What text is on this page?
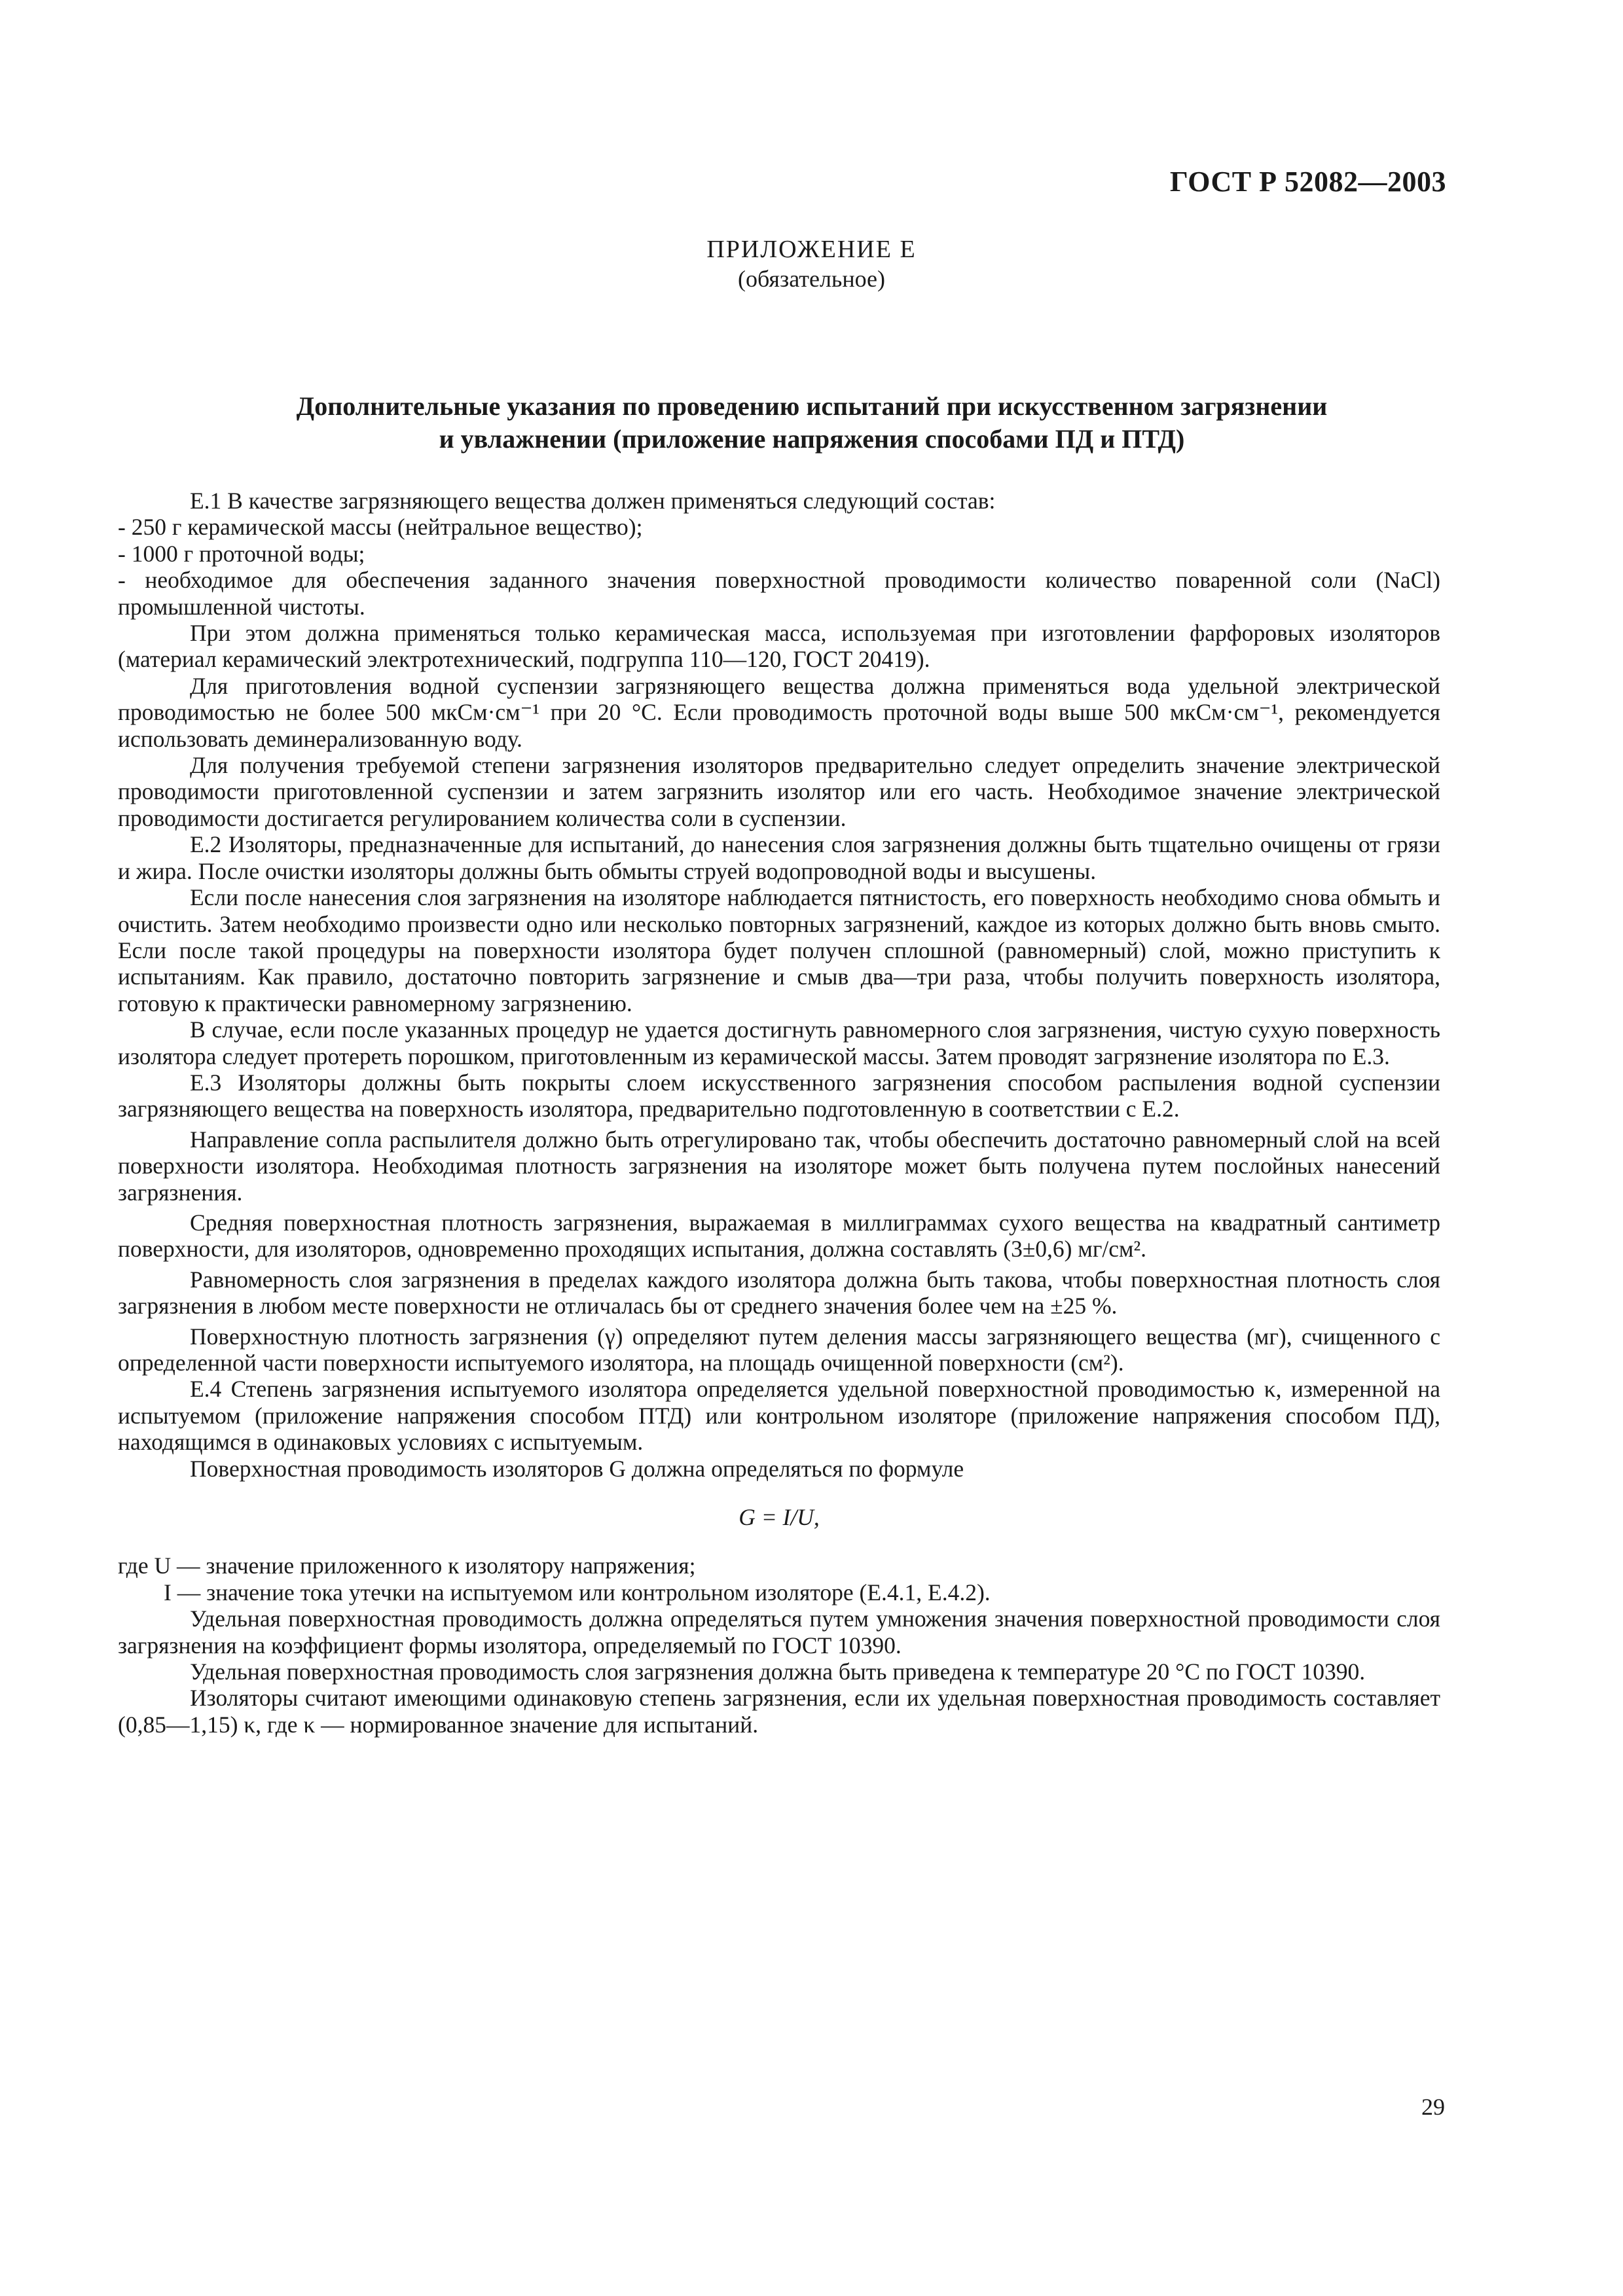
ГОСТ Р 52082—2003
ПРИЛОЖЕНИЕ Е
(обязательное)
Дополнительные указания по проведению испытаний при искусственном загрязнении
и увлажнении (приложение напряжения способами ПД и ПТД)

Е.1 В качестве загрязняющего вещества должен применяться следующий состав:

- 250 г керамической массы (нейтральное вещество);

- 1000 г проточной воды;

- необходимое для обеспечения заданного значения поверхностной проводимости количество поваренной соли (NaCl) промышленной чистоты.

При этом должна применяться только керамическая масса, используемая при изготовлении фарфоровых изоляторов (материал керамический электротехнический, подгруппа 110—120, ГОСТ 20419).

Для приготовления водной суспензии загрязняющего вещества должна применяться вода удельной электрической проводимостью не более 500 мкСм·см⁻¹ при 20 °С. Если проводимость проточной воды выше 500 мкСм·см⁻¹, рекомендуется использовать деминерализованную воду.

Для получения требуемой степени загрязнения изоляторов предварительно следует определить значение электрической проводимости приготовленной суспензии и затем загрязнить изолятор или его часть. Необходимое значение электрической проводимости достигается регулированием количества соли в суспензии.

Е.2 Изоляторы, предназначенные для испытаний, до нанесения слоя загрязнения должны быть тщательно очищены от грязи и жира. После очистки изоляторы должны быть обмыты струей водопроводной воды и высушены.

Если после нанесения слоя загрязнения на изоляторе наблюдается пятнистость, его поверхность необходимо снова обмыть и очистить. Затем необходимо произвести одно или несколько повторных загрязнений, каждое из которых должно быть вновь смыто. Если после такой процедуры на поверхности изолятора будет получен сплошной (равномерный) слой, можно приступить к испытаниям. Как правило, достаточно повторить загрязнение и смыв два—три раза, чтобы получить поверхность изолятора, готовую к практически равномерному загрязнению.

В случае, если после указанных процедур не удается достигнуть равномерного слоя загрязнения, чистую сухую поверхность изолятора следует протереть порошком, приготовленным из керамической массы. Затем проводят загрязнение изолятора по Е.3.

Е.3 Изоляторы должны быть покрыты слоем искусственного загрязнения способом распыления водной суспензии загрязняющего вещества на поверхность изолятора, предварительно подготовленную в соответствии с Е.2.

Направление сопла распылителя должно быть отрегулировано так, чтобы обеспечить достаточно равномерный слой на всей поверхности изолятора. Необходимая плотность загрязнения на изоляторе может быть получена путем послойных нанесений загрязнения.

Средняя поверхностная плотность загрязнения, выражаемая в миллиграммах сухого вещества на квадратный сантиметр поверхности, для изоляторов, одновременно проходящих испытания, должна составлять (3±0,6) мг/см².

Равномерность слоя загрязнения в пределах каждого изолятора должна быть такова, чтобы поверхностная плотность слоя загрязнения в любом месте поверхности не отличалась бы от среднего значения более чем на ±25 %.

Поверхностную плотность загрязнения (γ) определяют путем деления массы загрязняющего вещества (мг), счищенного с определенной части поверхности испытуемого изолятора, на площадь очищенной поверхности (см²).

Е.4 Степень загрязнения испытуемого изолятора определяется удельной поверхностной проводимостью κ, измеренной на испытуемом (приложение напряжения способом ПТД) или контрольном изоляторе (приложение напряжения способом ПД), находящимся в одинаковых условиях с испытуемым.

Поверхностная проводимость изоляторов G должна определяться по формуле

G = I/U,

где U — значение приложенного к изолятору напряжения;

I — значение тока утечки на испытуемом или контрольном изоляторе (Е.4.1, Е.4.2).

Удельная поверхностная проводимость должна определяться путем умножения значения поверхностной проводимости слоя загрязнения на коэффициент формы изолятора, определяемый по ГОСТ 10390.

Удельная поверхностная проводимость слоя загрязнения должна быть приведена к температуре 20 °С по ГОСТ 10390.

Изоляторы считают имеющими одинаковую степень загрязнения, если их удельная поверхностная проводимость составляет (0,85—1,15) κ, где κ — нормированное значение для испытаний.

29
